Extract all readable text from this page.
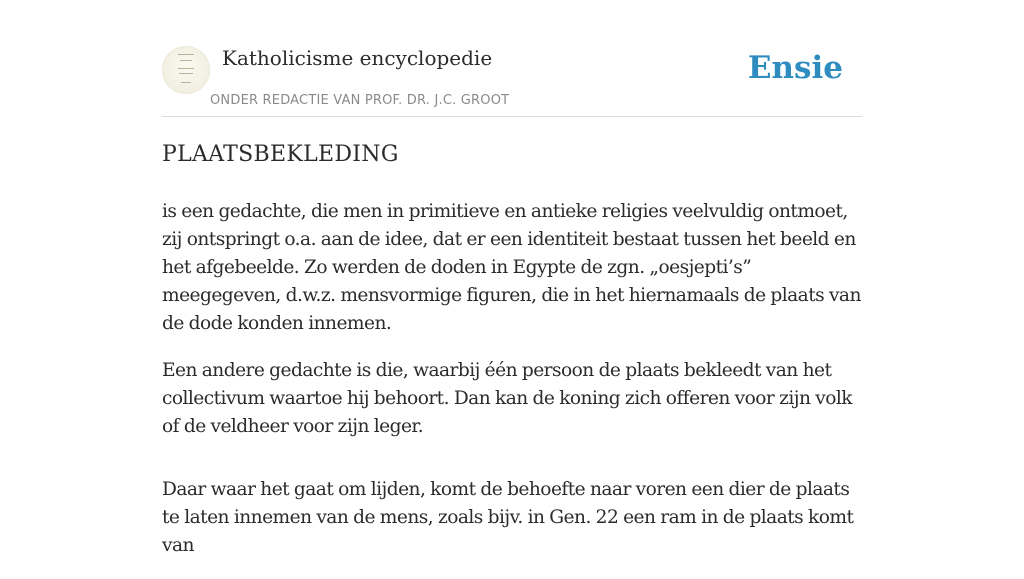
Katholicisme encyclopedie
ONDER REDACTIE VAN PROF. DR. J.C. GROOT
Ensie
PLAATSBEKLEDING

is een gedachte, die men in primitieve en antieke religies veelvuldig ontmoet, zij ontspringt o.a. aan de idee, dat er een identiteit bestaat tussen het beeld en het afgebeelde. Zo werden de doden in Egypte de zgn. „oesjepti’s” meegegeven, d.w.z. mensvormige figuren, die in het hiernamaals de plaats van de dode konden innemen.

Een andere gedachte is die, waarbij één persoon de plaats bekleedt van het collectivum waartoe hij behoort. Dan kan de koning zich offeren voor zijn volk of de veldheer voor zijn leger.

Daar waar het gaat om lijden, komt de behoefte naar voren een dier de plaats te laten innemen van de mens, zoals bijv. in Gen. 22 een ram in de plaats komt van
